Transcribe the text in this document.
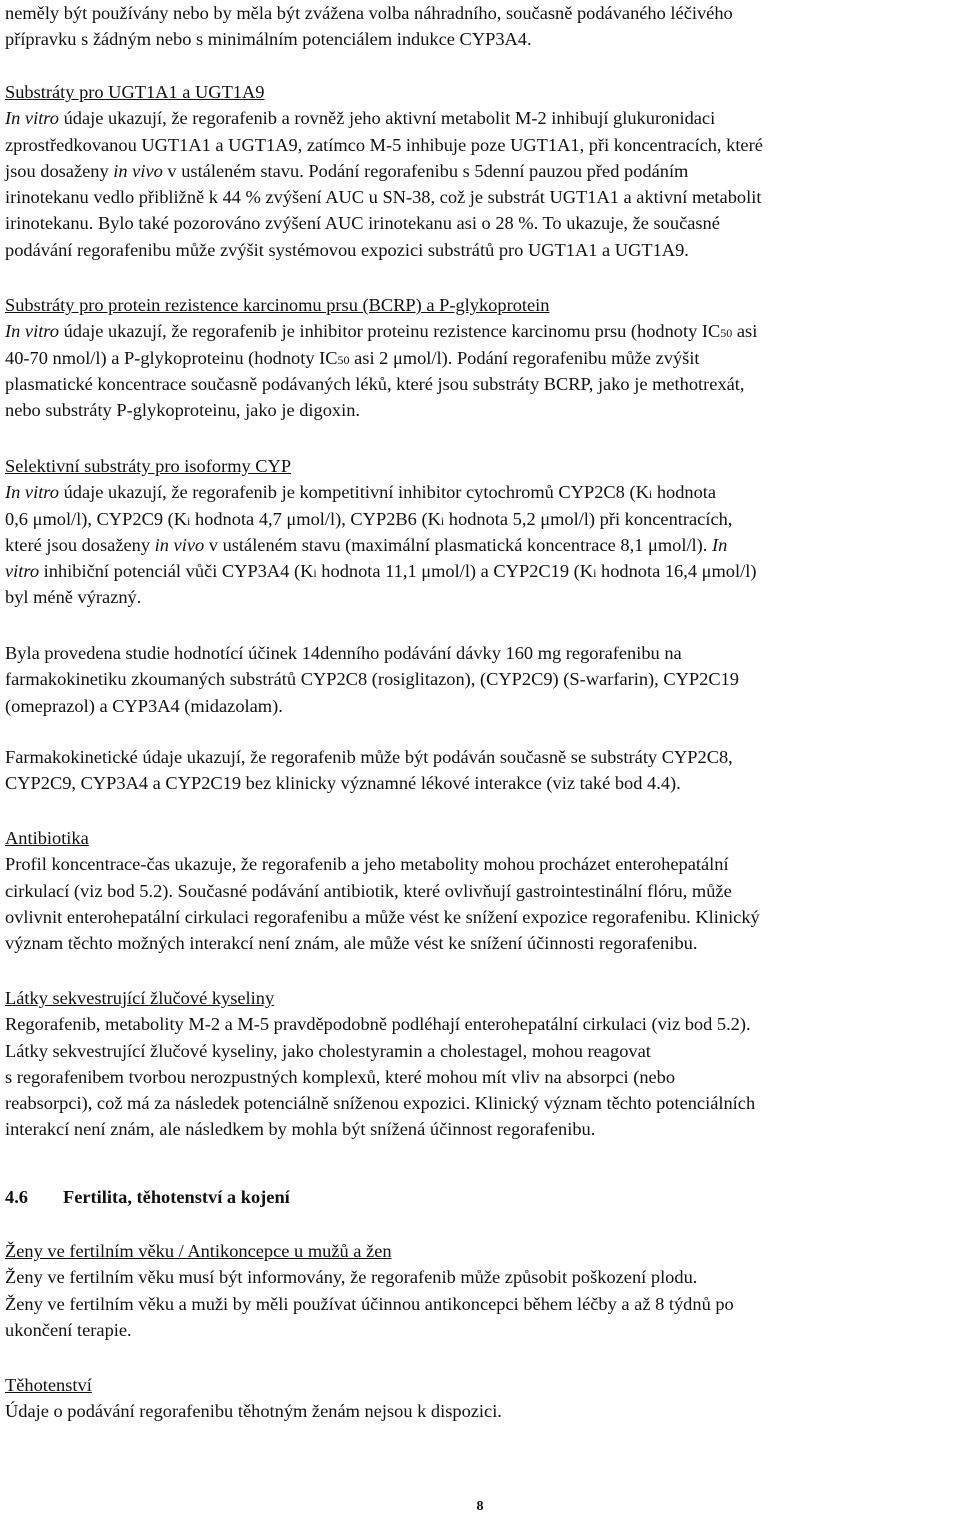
neměly být používány nebo by měla být zvážena volba náhradního, současně podávaného léčivého

přípravku s žádným nebo s minimálním potenciálem indukce CYP3A4.

Substráty pro UGT1A1 a UGT1A9

In vitro údaje ukazují, že regorafenib a rovněž jeho aktivní metabolit M-2 inhibují glukuronidaci

zprostředkovanou UGT1A1 a UGT1A9, zatímco M-5 inhibuje poze UGT1A1, při koncentracích, které

jsou dosaženy in vivo v ustáleném stavu. Podání regorafenibu s 5denní pauzou před podáním

irinotekanu vedlo přibližně k 44 % zvýšení AUC u SN-38, což je substrát UGT1A1 a aktivní metabolit

irinotekanu. Bylo také pozorováno zvýšení AUC irinotekanu asi o 28 %. To ukazuje, že současné

podávání regorafenibu může zvýšit systémovou expozici substrátů pro UGT1A1 a UGT1A9.

Substráty pro protein rezistence karcinomu prsu (BCRP) a P-glykoprotein

In vitro údaje ukazují, že regorafenib je inhibitor proteinu rezistence karcinomu prsu (hodnoty IC50 asi

40-70 nmol/l) a P-glykoproteinu (hodnoty IC50 asi 2 μmol/l). Podání regorafenibu může zvýšit

plasmatické koncentrace současně podávaných léků, které jsou substráty BCRP, jako je methotrexát,

nebo substráty P-glykoproteinu, jako je digoxin.

Selektivní substráty pro isoformy CYP

In vitro údaje ukazují, že regorafenib je kompetitivní inhibitor cytochromů CYP2C8 (Ki hodnota

0,6 μmol/l), CYP2C9 (Ki hodnota 4,7 μmol/l), CYP2B6 (Ki hodnota 5,2 μmol/l) při koncentracích,

které jsou dosaženy in vivo v ustáleném stavu (maximální plasmatická koncentrace 8,1 μmol/l). In

vitro inhibiční potenciál vůči CYP3A4 (Ki hodnota 11,1 μmol/l) a CYP2C19 (Ki hodnota 16,4 μmol/l)

byl méně výrazný.

Byla provedena studie hodnotící účinek 14denního podávání dávky 160 mg regorafenibu na

farmakokinetiku zkoumaných substrátů CYP2C8 (rosiglitazon), (CYP2C9) (S-warfarin), CYP2C19

(omeprazol) a CYP3A4 (midazolam).

Farmakokinetické údaje ukazují, že regorafenib může být podáván současně se substráty CYP2C8,

CYP2C9, CYP3A4 a CYP2C19 bez klinicky významné lékové interakce (viz také bod 4.4).

Antibiotika

Profil koncentrace-čas ukazuje, že regorafenib a jeho metabolity mohou procházet enterohepatální

cirkulací (viz bod 5.2). Současné podávání antibiotik, které ovlivňují gastrointestinální flóru, může

ovlivnit enterohepatální cirkulaci regorafenibu a může vést ke snížení expozice regorafenibu. Klinický

význam těchto možných interakcí není znám, ale může vést ke snížení účinnosti regorafenibu.

Látky sekvestrující žlučové kyseliny

Regorafenib, metabolity M-2 a M-5 pravděpodobně podléhají enterohepatální cirkulaci (viz bod 5.2).

Látky sekvestrující žlučové kyseliny, jako cholestyramin a cholestagel, mohou reagovat

s regorafenibem tvorbou nerozpustných komplexů, které mohou mít vliv na absorpci (nebo

reabsorpci), což má za následek potenciálně sníženou expozici. Klinický význam těchto potenciálních

interakcí není znám, ale následkem by mohla být snížená účinnost regorafenibu.

4.6	Fertilita, těhotenství a kojení

Ženy ve fertilním věku / Antikoncepce u mužů a žen

Ženy ve fertilním věku musí být informovány, že regorafenib může způsobit poškození plodu.

Ženy ve fertilním věku a muži by měli používat účinnou antikoncepci během léčby a až 8 týdnů po

ukončení terapie.

Těhotenství

Údaje o podávání regorafenibu těhotným ženám nejsou k dispozici.

8
